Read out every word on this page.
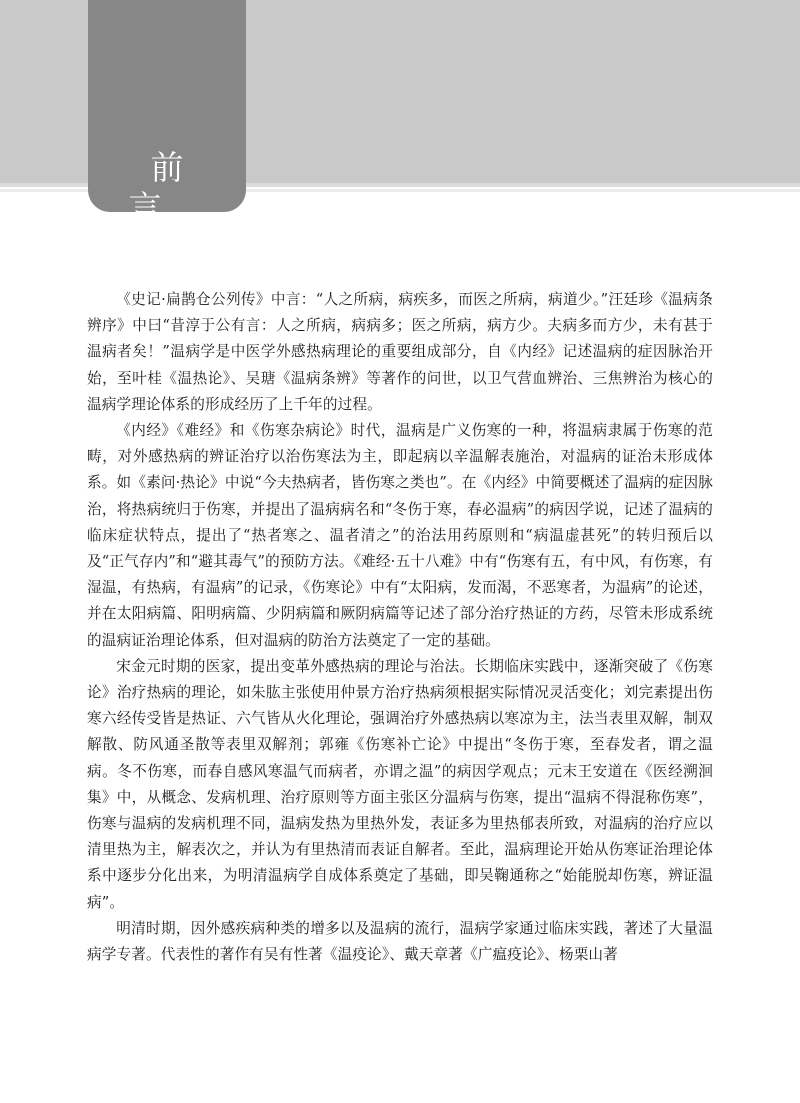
前 言

《史记·扁鹊仓公列传》中言：“人之所病，病疾多，而医之所病，病道少。”汪廷珍《温病条辨序》中曰“昔淳于公有言：人之所病，病病多；医之所病，病方少。夫病多而方少，未有甚于温病者矣！”温病学是中医学外感热病理论的重要组成部分，自《内经》记述温病的症因脉治开始，至叶桂《温热论》、吴瑭《温病条辨》等著作的问世，以卫气营血辨治、三焦辨治为核心的温病学理论体系的形成经历了上千年的过程。

《内经》《难经》和《伤寒杂病论》时代，温病是广义伤寒的一种，将温病隶属于伤寒的范畴，对外感热病的辨证治疗以治伤寒法为主，即起病以辛温解表施治，对温病的证治未形成体系。如《素问·热论》中说“今夫热病者，皆伤寒之类也”。在《内经》中简要概述了温病的症因脉治，将热病统归于伤寒，并提出了温病病名和“冬伤于寒，春必温病”的病因学说，记述了温病的临床症状特点，提出了“热者寒之、温者清之”的治法用药原则和“病温虚甚死”的转归预后以及“正气存内”和“避其毒气”的预防方法。《难经·五十八难》中有“伤寒有五，有中风，有伤寒，有湿温，有热病，有温病”的记录，《伤寒论》中有“太阳病，发而渴，不恶寒者，为温病”的论述，并在太阳病篇、阳明病篇、少阴病篇和厥阴病篇等记述了部分治疗热证的方药，尽管未形成系统的温病证治理论体系，但对温病的防治方法奠定了一定的基础。

宋金元时期的医家，提出变革外感热病的理论与治法。长期临床实践中，逐渐突破了《伤寒论》治疗热病的理论，如朱肱主张使用仲景方治疗热病须根据实际情况灵活变化；刘完素提出伤寒六经传受皆是热证、六气皆从火化理论，强调治疗外感热病以寒凉为主，法当表里双解，制双解散、防风通圣散等表里双解剂；郭雍《伤寒补亡论》中提出“冬伤于寒，至春发者，谓之温病。冬不伤寒，而春自感风寒温气而病者，亦谓之温”的病因学观点；元末王安道在《医经溯洄集》中，从概念、发病机理、治疗原则等方面主张区分温病与伤寒，提出“温病不得混称伤寒”，伤寒与温病的发病机理不同，温病发热为里热外发，表证多为里热郁表所致，对温病的治疗应以清里热为主，解表次之，并认为有里热清而表证自解者。至此，温病理论开始从伤寒证治理论体系中逐步分化出来，为明清温病学自成体系奠定了基础，即吴鞠通称之“始能脱却伤寒，辨证温病”。

明清时期，因外感疾病种类的增多以及温病的流行，温病学家通过临床实践，著述了大量温病学专著。代表性的著作有吴有性著《温疫论》、戴天章著《广瘟疫论》、杨栗山著
